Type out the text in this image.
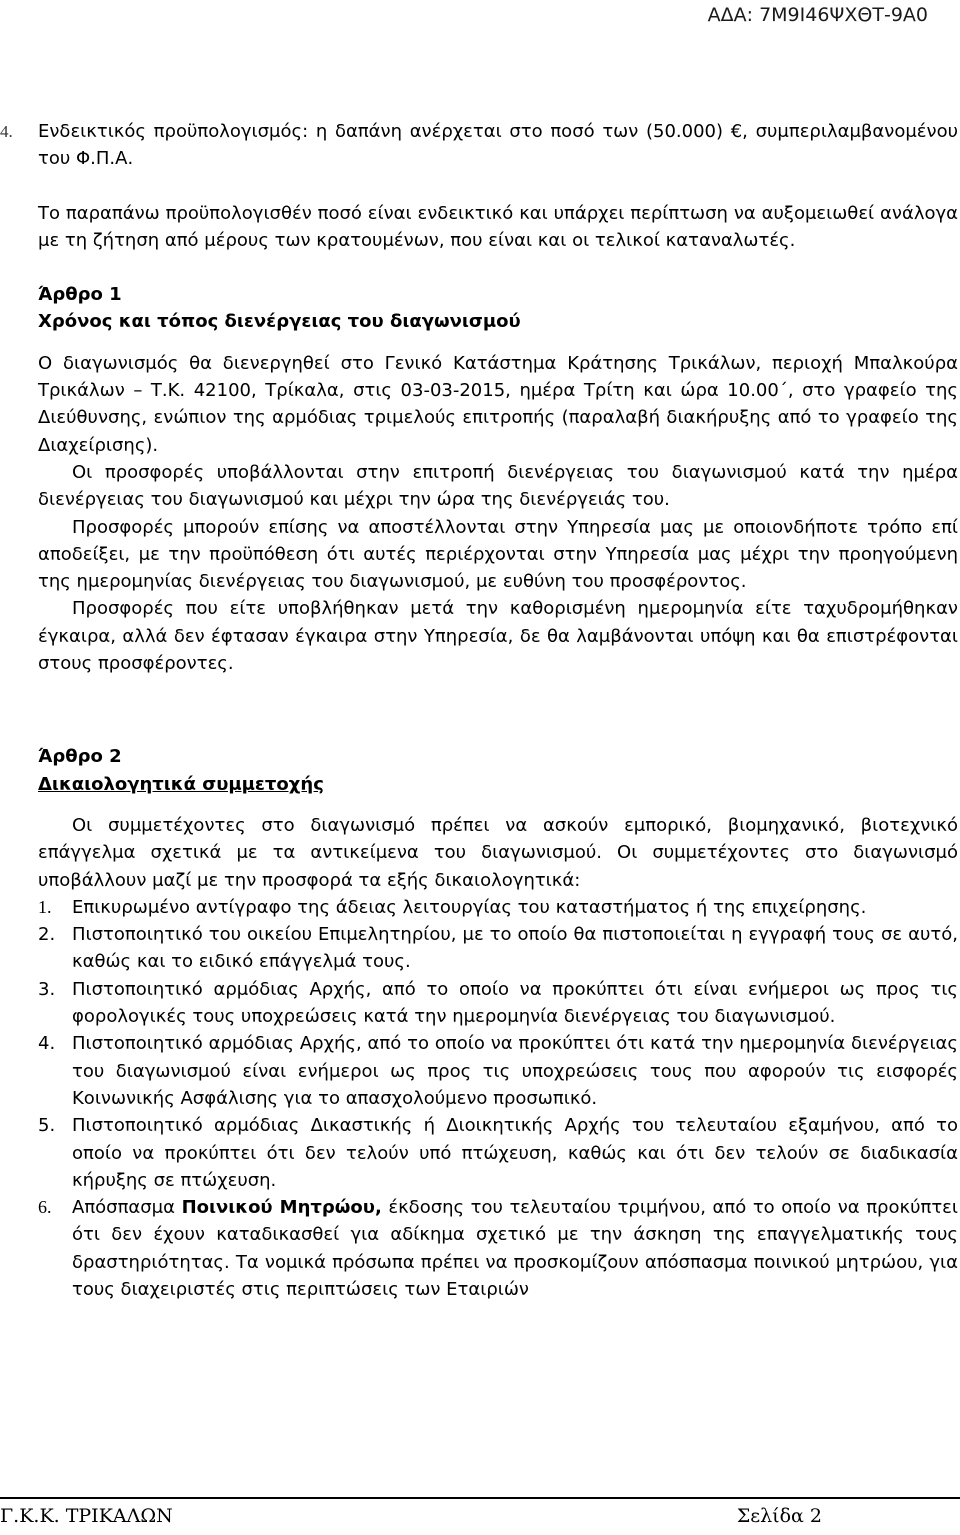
ΑΔΑ: 7Μ9Ι46ΨΧΘΤ-9Α0
4. Ενδεικτικός προϋπολογισμός: η δαπάνη ανέρχεται στο ποσό των (50.000) €, συμπεριλαμβανομένου του Φ.Π.Α.

Το παραπάνω προϋπολογισθέν ποσό είναι ενδεικτικό και υπάρχει περίπτωση να αυξομειωθεί ανάλογα με τη ζήτηση από μέρους των κρατουμένων, που είναι και οι τελικοί καταναλωτές.

Άρθρο 1

Χρόνος και τόπος διενέργειας του διαγωνισμού

Ο διαγωνισμός θα διενεργηθεί στο Γενικό Κατάστημα Κράτησης Τρικάλων, περιοχή Μπαλκούρα Τρικάλων – Τ.Κ. 42100, Τρίκαλα, στις 03-03-2015, ημέρα Τρίτη και ώρα 10.00΄, στο γραφείο της Διεύθυνσης, ενώπιον της αρμόδιας τριμελούς επιτροπής (παραλαβή διακήρυξης από το γραφείο της Διαχείρισης).

Οι προσφορές υποβάλλονται στην επιτροπή διενέργειας του διαγωνισμού κατά την ημέρα διενέργειας του διαγωνισμού και μέχρι την ώρα της διενέργειάς του.

Προσφορές μπορούν επίσης να αποστέλλονται στην Υπηρεσία μας με οποιονδήποτε τρόπο επί αποδείξει, με την προϋπόθεση ότι αυτές περιέρχονται στην Υπηρεσία μας μέχρι την προηγούμενη της ημερομηνίας διενέργειας του διαγωνισμού, με ευθύνη του προσφέροντος.

Προσφορές που είτε υποβλήθηκαν μετά την καθορισμένη ημερομηνία είτε ταχυδρομήθηκαν έγκαιρα, αλλά δεν έφτασαν έγκαιρα στην Υπηρεσία, δε θα λαμβάνονται υπόψη και θα επιστρέφονται στους προσφέροντες.

Άρθρο 2

Δικαιολογητικά συμμετοχής

Οι συμμετέχοντες στο διαγωνισμό πρέπει να ασκούν εμπορικό, βιομηχανικό, βιοτεχνικό επάγγελμα σχετικά με τα αντικείμενα του διαγωνισμού. Οι συμμετέχοντες στο διαγωνισμό υποβάλλουν μαζί με την προσφορά τα εξής δικαιολογητικά:

1. Επικυρωμένο αντίγραφο της άδειας λειτουργίας του καταστήματος ή της επιχείρησης.
2. Πιστοποιητικό του οικείου Επιμελητηρίου, με το οποίο θα πιστοποιείται η εγγραφή τους σε αυτό, καθώς και το ειδικό επάγγελμά τους.
3. Πιστοποιητικό αρμόδιας Αρχής, από το οποίο να προκύπτει ότι είναι ενήμεροι ως προς τις φορολογικές τους υποχρεώσεις κατά την ημερομηνία διενέργειας του διαγωνισμού.
4. Πιστοποιητικό αρμόδιας Αρχής, από το οποίο να προκύπτει ότι κατά την ημερομηνία διενέργειας του διαγωνισμού είναι ενήμεροι ως προς τις υποχρεώσεις τους που αφορούν τις εισφορές Κοινωνικής Ασφάλισης για το απασχολούμενο προσωπικό.
5. Πιστοποιητικό αρμόδιας Δικαστικής ή Διοικητικής Αρχής του τελευταίου εξαμήνου, από το οποίο να προκύπτει ότι δεν τελούν υπό πτώχευση, καθώς και ότι δεν τελούν σε διαδικασία κήρυξης σε πτώχευση.
6. Απόσπασμα Ποινικού Μητρώου, έκδοσης του τελευταίου τριμήνου, από το οποίο να προκύπτει ότι δεν έχουν καταδικασθεί για αδίκημα σχετικό με την άσκηση της επαγγελματικής τους δραστηριότητας. Τα νομικά πρόσωπα πρέπει να προσκομίζουν απόσπασμα ποινικού μητρώου, για τους διαχειριστές στις περιπτώσεις των Εταιριών
Γ.Κ.Κ. ΤΡΙΚΑΛΩΝ	Σελίδα 2
